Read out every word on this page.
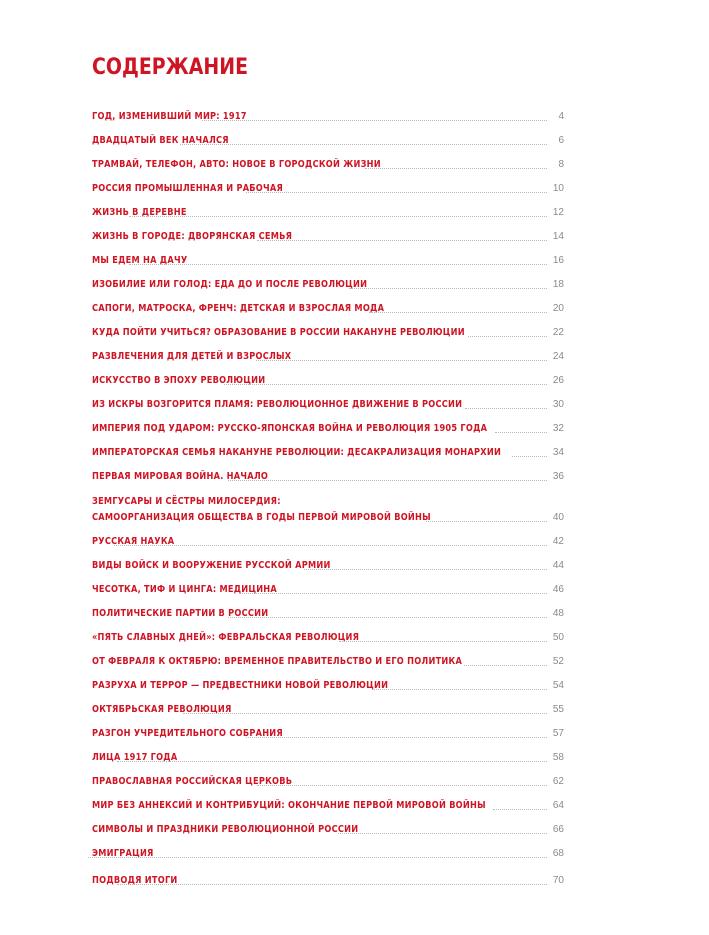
СОДЕРЖАНИЕ
ГОД, ИЗМЕНИВШИЙ МИР: 1917	4
ДВАДЦАТЫЙ ВЕК НАЧАЛСЯ	6
ТРАМВАЙ, ТЕЛЕФОН, АВТО: НОВОЕ В ГОРОДСКОЙ ЖИЗНИ	8
РОССИЯ ПРОМЫШЛЕННАЯ И РАБОЧАЯ	10
ЖИЗНЬ В ДЕРЕВНЕ	12
ЖИЗНЬ В ГОРОДЕ: ДВОРЯНСКАЯ СЕМЬЯ	14
МЫ ЕДЕМ НА ДАЧУ	16
ИЗОБИЛИЕ ИЛИ ГОЛОД: ЕДА ДО И ПОСЛЕ РЕВОЛЮЦИИ	18
САПОГИ, МАТРОСКА, ФРЕНЧ: ДЕТСКАЯ И ВЗРОСЛАЯ МОДА	20
КУДА ПОЙТИ УЧИТЬСЯ? ОБРАЗОВАНИЕ В РОССИИ НАКАНУНЕ РЕВОЛЮЦИИ	22
РАЗВЛЕЧЕНИЯ ДЛЯ ДЕТЕЙ И ВЗРОСЛЫХ	24
ИСКУССТВО В ЭПОХУ РЕВОЛЮЦИИ	26
ИЗ ИСКРЫ ВОЗГОРИТСЯ ПЛАМЯ: РЕВОЛЮЦИОННОЕ ДВИЖЕНИЕ В РОССИИ	30
ИМПЕРИЯ ПОД УДАРОМ: РУССКО-ЯПОНСКАЯ ВОЙНА И РЕВОЛЮЦИЯ 1905 ГОДА	32
ИМПЕРАТОРСКАЯ СЕМЬЯ НАКАНУНЕ РЕВОЛЮЦИИ: ДЕСАКРАЛИЗАЦИЯ МОНАРХИИ	34
ПЕРВАЯ МИРОВАЯ ВОЙНА. НАЧАЛО	36
ЗЕМГУСАРЫ И СЁСТРЫ МИЛОСЕРДИЯ:
САМООРГАНИЗАЦИЯ ОБЩЕСТВА В ГОДЫ ПЕРВОЙ МИРОВОЙ ВОЙНЫ	40
РУССКАЯ НАУКА	42
ВИДЫ ВОЙСК И ВООРУЖЕНИЕ РУССКОЙ АРМИИ	44
ЧЕСОТКА, ТИФ И ЦИНГА: МЕДИЦИНА	46
ПОЛИТИЧЕСКИЕ ПАРТИИ В РОССИИ	48
«ПЯТЬ СЛАВНЫХ ДНЕЙ»: ФЕВРАЛЬСКАЯ РЕВОЛЮЦИЯ	50
ОТ ФЕВРАЛЯ К ОКТЯБРЮ: ВРЕМЕННОЕ ПРАВИТЕЛЬСТВО И ЕГО ПОЛИТИКА	52
РАЗРУХА И ТЕРРОР — ПРЕДВЕСТНИКИ НОВОЙ РЕВОЛЮЦИИ	54
ОКТЯБРЬСКАЯ РЕВОЛЮЦИЯ	55
РАЗГОН УЧРЕДИТЕЛЬНОГО СОБРАНИЯ	57
ЛИЦА 1917 ГОДА	58
ПРАВОСЛАВНАЯ РОССИЙСКАЯ ЦЕРКОВЬ	62
МИР БЕЗ АННЕКСИЙ И КОНТРИБУЦИЙ: ОКОНЧАНИЕ ПЕРВОЙ МИРОВОЙ ВОЙНЫ	64
СИМВОЛЫ И ПРАЗДНИКИ РЕВОЛЮЦИОННОЙ РОССИИ	66
ЭМИГРАЦИЯ	68
ПОДВОДЯ ИТОГИ	70
